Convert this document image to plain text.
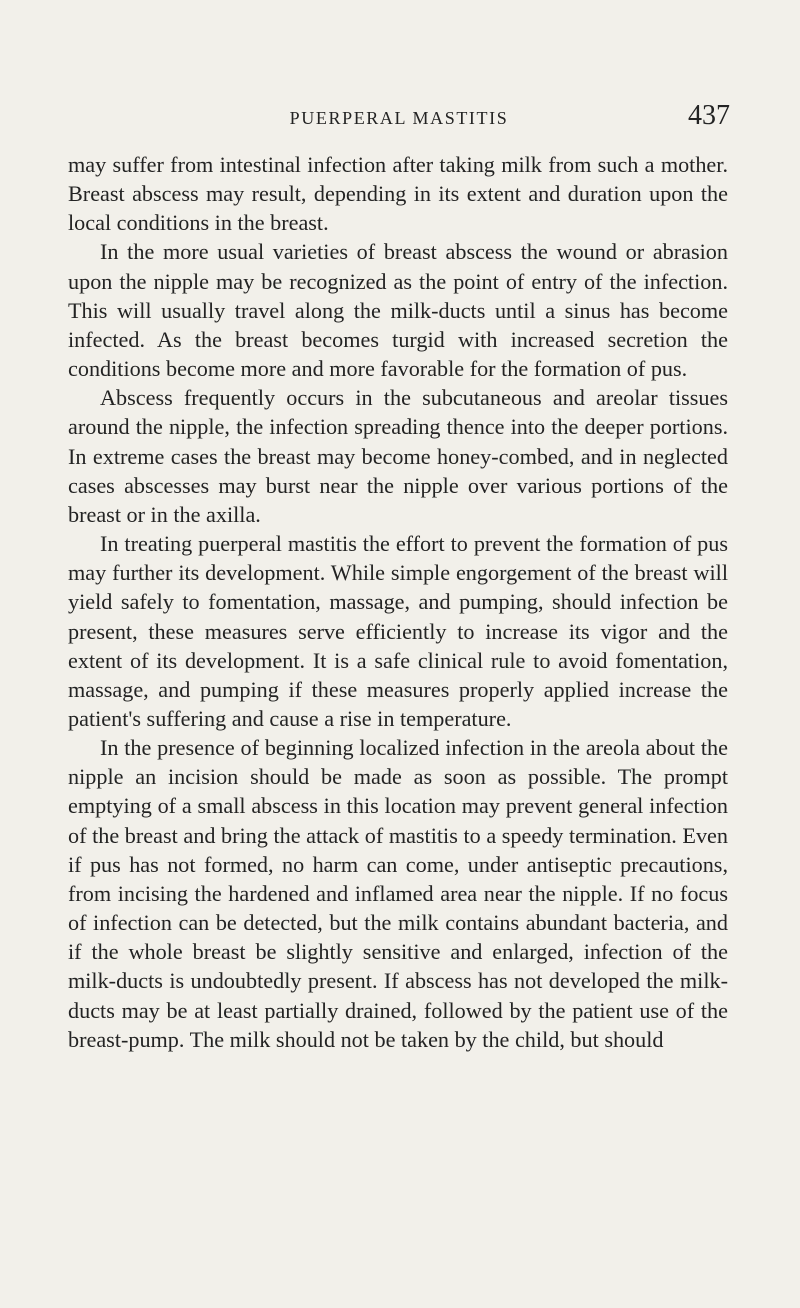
PUERPERAL MASTITIS	437

may suffer from intestinal infection after taking milk from such a mother. Breast abscess may result, depending in its extent and duration upon the local conditions in the breast.

In the more usual varieties of breast abscess the wound or abrasion upon the nipple may be recognized as the point of entry of the infection. This will usually travel along the milk-ducts until a sinus has become infected. As the breast becomes turgid with increased secretion the conditions become more and more favorable for the formation of pus.

Abscess frequently occurs in the subcutaneous and areolar tissues around the nipple, the infection spreading thence into the deeper portions. In extreme cases the breast may become honey-combed, and in neglected cases abscesses may burst near the nipple over various portions of the breast or in the axilla.

In treating puerperal mastitis the effort to prevent the formation of pus may further its development. While simple engorgement of the breast will yield safely to fomentation, massage, and pumping, should infection be present, these measures serve efficiently to increase its vigor and the extent of its development. It is a safe clinical rule to avoid fomentation, massage, and pumping if these measures properly applied increase the patient's suffering and cause a rise in temperature.

In the presence of beginning localized infection in the areola about the nipple an incision should be made as soon as possible. The prompt emptying of a small abscess in this location may prevent general infection of the breast and bring the attack of mastitis to a speedy termination. Even if pus has not formed, no harm can come, under antiseptic precautions, from incising the hardened and inflamed area near the nipple. If no focus of infection can be detected, but the milk contains abundant bacteria, and if the whole breast be slightly sensitive and enlarged, infection of the milk-ducts is undoubtedly present. If abscess has not developed the milk-ducts may be at least partially drained, followed by the patient use of the breast-pump. The milk should not be taken by the child, but should
